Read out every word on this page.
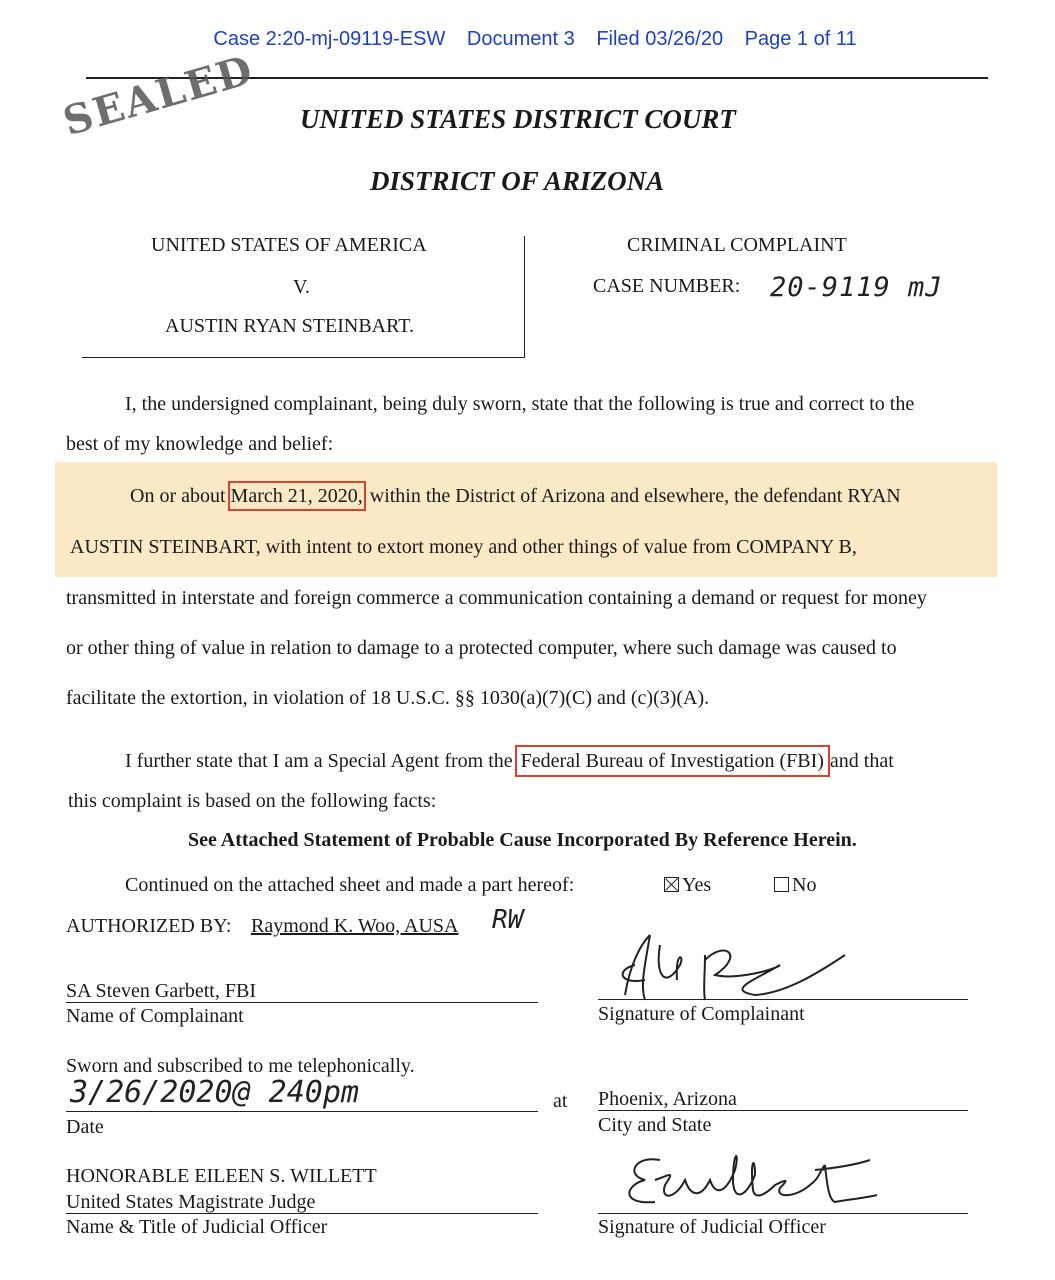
Case 2:20-mj-09119-ESW Document 3 Filed 03/26/20 Page 1 of 11
SEALED UNITED STATES DISTRICT COURT
DISTRICT OF ARIZONA
UNITED STATES OF AMERICA
V.
AUSTIN RYAN STEINBART.
CRIMINAL COMPLAINT
CASE NUMBER: 20-9119 mJ
I, the undersigned complainant, being duly sworn, state that the following is true and correct to the
best of my knowledge and belief:
On or about March 21, 2020, within the District of Arizona and elsewhere, the defendant RYAN
AUSTIN STEINBART, with intent to extort money and other things of value from COMPANY B,
transmitted in interstate and foreign commerce a communication containing a demand or request for money
or other thing of value in relation to damage to a protected computer, where such damage was caused to
facilitate the extortion, in violation of 18 U.S.C. §§ 1030(a)(7)(C) and (c)(3)(A).
I further state that I am a Special Agent from the Federal Bureau of Investigation (FBI) and that
this complaint is based on the following facts:
See Attached Statement of Probable Cause Incorporated By Reference Herein.
Continued on the attached sheet and made a part hereof:	Yes	No
AUTHORIZED BY: Raymond K. Woo, AUSA RW
SA Steven Garbett, FBI
Name of Complainant	Signature of Complainant
Sworn and subscribed to me telephonically.
3/26/2020@ 240pm
Date
at Phoenix, Arizona
City and State
HONORABLE EILEEN S. WILLETT
United States Magistrate Judge
Name & Title of Judicial Officer	Signature of Judicial Officer
